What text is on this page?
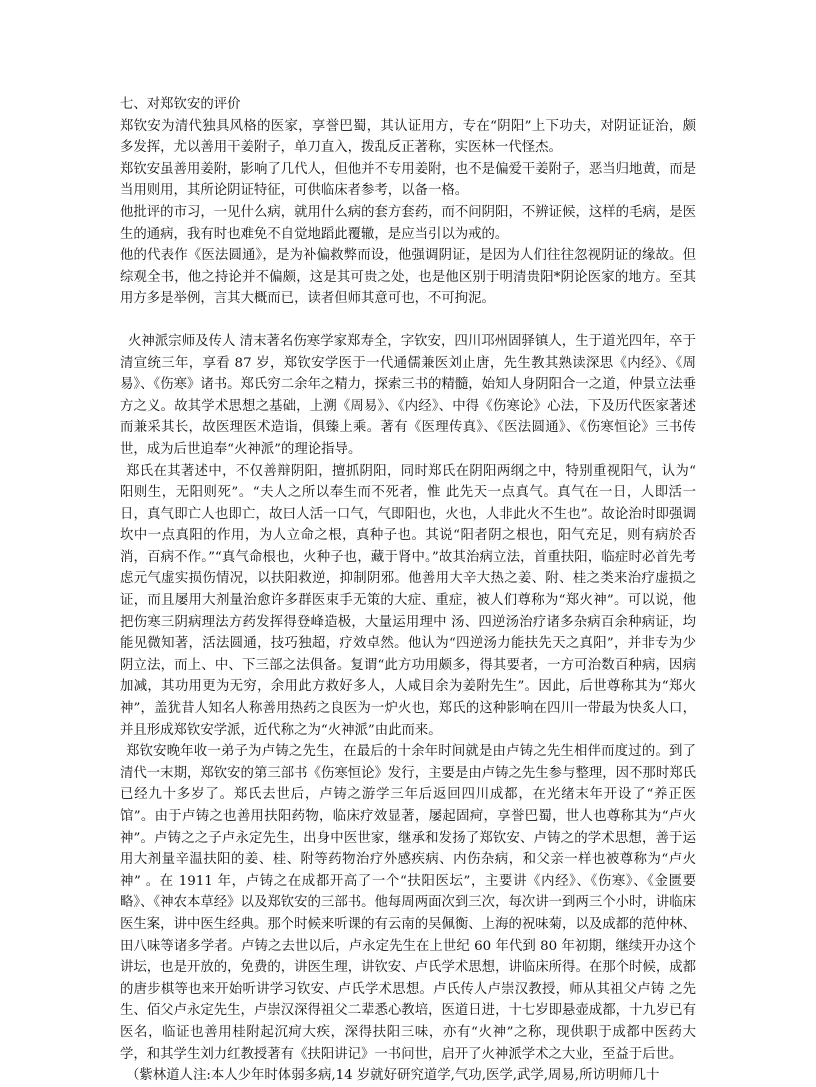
七、对郑钦安的评价

郑钦安为清代独具风格的医家，享誉巴蜀，其认证用方，专在“阴阳”上下功夫，对阴证证治，颇多发挥，尤以善用干姜附子，单刀直入，拨乱反正著称，实医林一代怪杰。

郑钦安虽善用姜附，影响了几代人，但他并不专用姜附，也不是偏爱干姜附子，恶当归地黄，而是当用则用，其所论阴证特征，可供临床者参考，以备一格。

他批评的市习，一见什么病，就用什么病的套方套药，而不问阴阳，不辨证候，这样的毛病，是医生的通病，我有时也难免不自觉地蹈此覆辙，是应当引以为戒的。

他的代表作《医法圆通》，是为补偏救弊而设，他强调阴证，是因为人们往往忽视阴证的缘故。但综观全书，他之持论并不偏颇，这是其可贵之处，也是他区别于明清贵阳*阴论医家的地方。至其用方多是举例，言其大概而已，读者但师其意可也，不可拘泥。

火神派宗师及传人 清末著名伤寒学家郑寿全，字钦安，四川邛州固驿镇人，生于道光四年，卒于清宣统三年，享看 87 岁，郑钦安学医于一代通儒兼医刘止唐，先生教其熟读深思《内经》、《周易》、《伤寒》诸书。郑氏穷二余年之精力，探索三书的精髓，始知人身阴阳合一之道，仲景立法垂方之义。故其学术思想之基础，上溯《周易》、《内经》、中得《伤寒论》心法，下及历代医家著述而兼采其长，故医理医术造诣，俱臻上乘。著有《医理传真》、《医法圆通》、《伤寒恒论》三书传世，成为后世追奉“火神派”的理论指导。

郑氏在其著述中，不仅善辩阴阳，擅抓阴阳，同时郑氏在阴阳两纲之中，特别重视阳气，认为“ 阳则生，无阳则死”。“夫人之所以奉生而不死者，惟 此先天一点真气。真气在一日，人即活一日，真气即亡人也即亡，故曰人活一口气，气即阳也，火也，人非此火不生也”。故论治时即强调坎中一点真阳的作用，为人立命之根，真种子也。其说“阳者阴之根也，阳气充足，则有病於否消，百病不作。”“真气命根也，火种子也，藏于肾中。”故其治病立法，首重扶阳，临症时必首先考虑元气虚实损伤情况，以扶阳救逆，抑制阴邪。他善用大辛大热之姜、附、桂之类来治疗虚损之证，而且屡用大剂量治愈许多群医束手无策的大症、重症，被人们尊称为“郑火神”。可以说，他把伤寒三阴病理法方药发挥得登峰造极，大量运用理中 汤、四逆汤治疗诸多杂病百余种病证，均能见微知著，活法圆通，技巧独超，疗效卓然。他认为“四逆汤力能扶先天之真阳”，并非专为少阴立法，而上、中、下三部之法俱备。复谓“此方功用颇多，得其要者，一方可治数百种病，因病加减，其功用更为无穷，余用此方救好多人，人咸目余为姜附先生”。因此，后世尊称其为“郑火神”，盖犹昔人知名人称善用热药之良医为一炉火也，郑氏的这种影响在四川一带最为快炙人口，并且形成郑钦安学派，近代称之为“火神派”由此而来。

郑钦安晚年收一弟子为卢铸之先生，在最后的十余年时间就是由卢铸之先生相伴而度过的。到了清代一末期，郑钦安的第三部书《伤寒恒论》发行，主要是由卢铸之先生参与整理，因不那时郑氏已经九十多岁了。郑氏去世后，卢铸之游学三年后返回四川成都，在光绪末年开设了“养正医馆”。由于卢铸之也善用扶阳药物，临床疗效显著，屡起固疴，享誉巴蜀，世人也尊称其为“卢火神”。卢铸之之子卢永定先生，出身中医世家，继承和发扬了郑钦安、卢铸之的学术思想，善于运用大剂量辛温扶阳的姜、桂、附等药物治疗外感疾病、内伤杂病，和父亲一样也被尊称为“卢火神” 。在 1911 年，卢铸之在成都开高了一个“扶阳医坛”，主要讲《内经》、《伤寒》、《金匮要略》、《神农本草经》以及郑钦安的三部书。他每周两面次到三次，每次讲一到两三个小时，讲临床医生案，讲中医生经典。那个时候来听课的有云南的吴佩衡、上海的祝味菊，以及成都的范仲林、田八味等诸多学者。卢铸之去世以后，卢永定先生在上世纪 60 年代到 80 年初期，继续开办这个讲坛，也是开放的，免费的，讲医生理，讲钦安、卢氏学术思想，讲临床所得。在那个时候，成都的唐步棋等也来开始听讲学习钦安、卢氏学术思想。卢氏传人卢崇汉教授，师从其祖父卢铸 之先生、佰父卢永定先生，卢崇汉深得祖父二辈悉心教培，医道日进，十七岁即悬壶成都，十九岁已有医名，临证也善用桂附起沉疴大疾，深得扶阳三味，亦有“火神”之称，现供职于成都中医药大学，和其学生刘力红教授著有《扶阳讲记》一书问世，启开了火神派学术之大业，至益于后世。

（紫林道人注:本人少年时体弱多病,14 岁就好研究道学,气功,医学,武学,周易,所访明师几十
